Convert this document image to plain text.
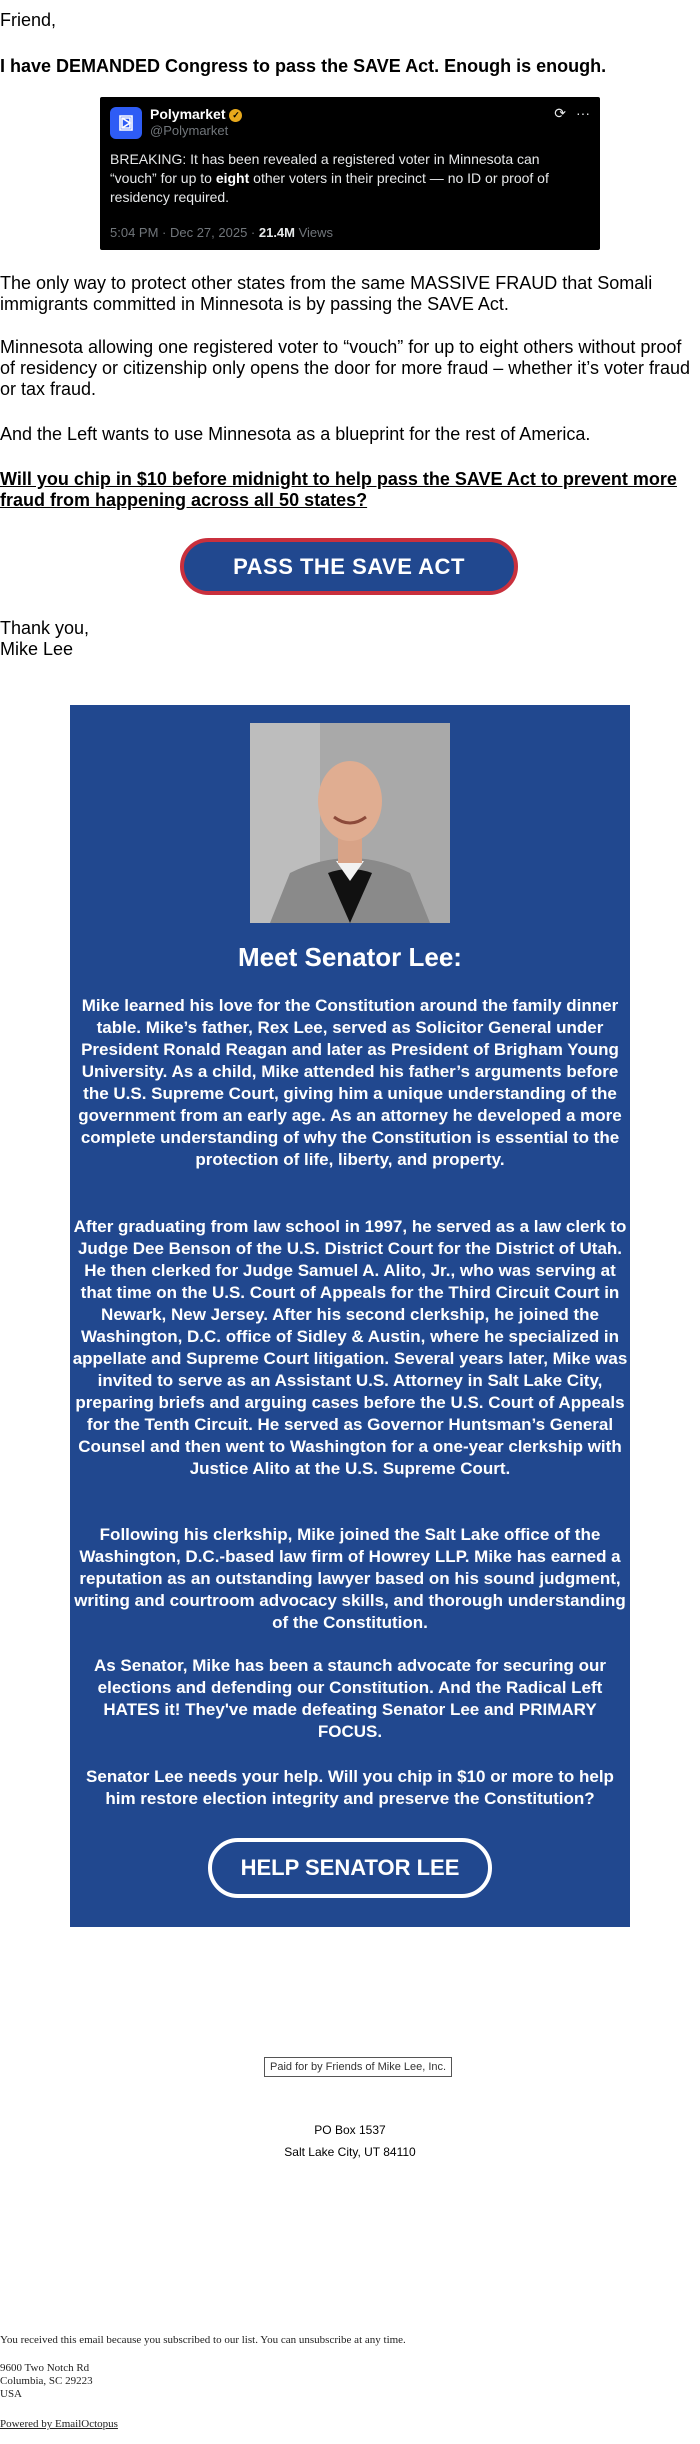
Friend,

I have DEMANDED Congress to pass the SAVE Act. Enough is enough.

Polymarket ✓
@Polymarket
⟳ ···
BREAKING: It has been revealed a registered voter in Minnesota can “vouch” for up to eight other voters in their precinct — no ID or proof of residency required.
5:04 PM · Dec 27, 2025 · 21.4M Views

The only way to protect other states from the same MASSIVE FRAUD that Somali immigrants committed in Minnesota is by passing the SAVE Act.

Minnesota allowing one registered voter to “vouch” for up to eight others without proof of residency or citizenship only opens the door for more fraud – whether it’s voter fraud or tax fraud.

And the Left wants to use Minnesota as a blueprint for the rest of America.

Will you chip in $10 before midnight to help pass the SAVE Act to prevent more fraud from happening across all 50 states?

PASS THE SAVE ACT
Thank you,
Mike Lee
Meet Senator Lee:

Mike learned his love for the Constitution around the family dinner table. Mike’s father, Rex Lee, served as Solicitor General under President Ronald Reagan and later as President of Brigham Young University. As a child, Mike attended his father’s arguments before the U.S. Supreme Court, giving him a unique understanding of the government from an early age. As an attorney he developed a more complete understanding of why the Constitution is essential to the protection of life, liberty, and property.

After graduating from law school in 1997, he served as a law clerk to Judge Dee Benson of the U.S. District Court for the District of Utah. He then clerked for Judge Samuel A. Alito, Jr., who was serving at that time on the U.S. Court of Appeals for the Third Circuit Court in Newark, New Jersey. After his second clerkship, he joined the Washington, D.C. office of Sidley & Austin, where he specialized in appellate and Supreme Court litigation. Several years later, Mike was invited to serve as an Assistant U.S. Attorney in Salt Lake City, preparing briefs and arguing cases before the U.S. Court of Appeals for the Tenth Circuit. He served as Governor Huntsman’s General Counsel and then went to Washington for a one-year clerkship with Justice Alito at the U.S. Supreme Court.

Following his clerkship, Mike joined the Salt Lake office of the Washington, D.C.-based law firm of Howrey LLP. Mike has earned a reputation as an outstanding lawyer based on his sound judgment, writing and courtroom advocacy skills, and thorough understanding of the Constitution.

As Senator, Mike has been a staunch advocate for securing our elections and defending our Constitution. And the Radical Left HATES it! They've made defeating Senator Lee and PRIMARY FOCUS.

Senator Lee needs your help. Will you chip in $10 or more to help him restore election integrity and preserve the Constitution?

HELP SENATOR LEE
Paid for by Friends of Mike Lee, Inc.
PO Box 1537
Salt Lake City, UT 84110
You received this email because you subscribed to our list. You can unsubscribe at any time.
9600 Two Notch Rd
Columbia, SC 29223
USA
Powered by EmailOctopus
